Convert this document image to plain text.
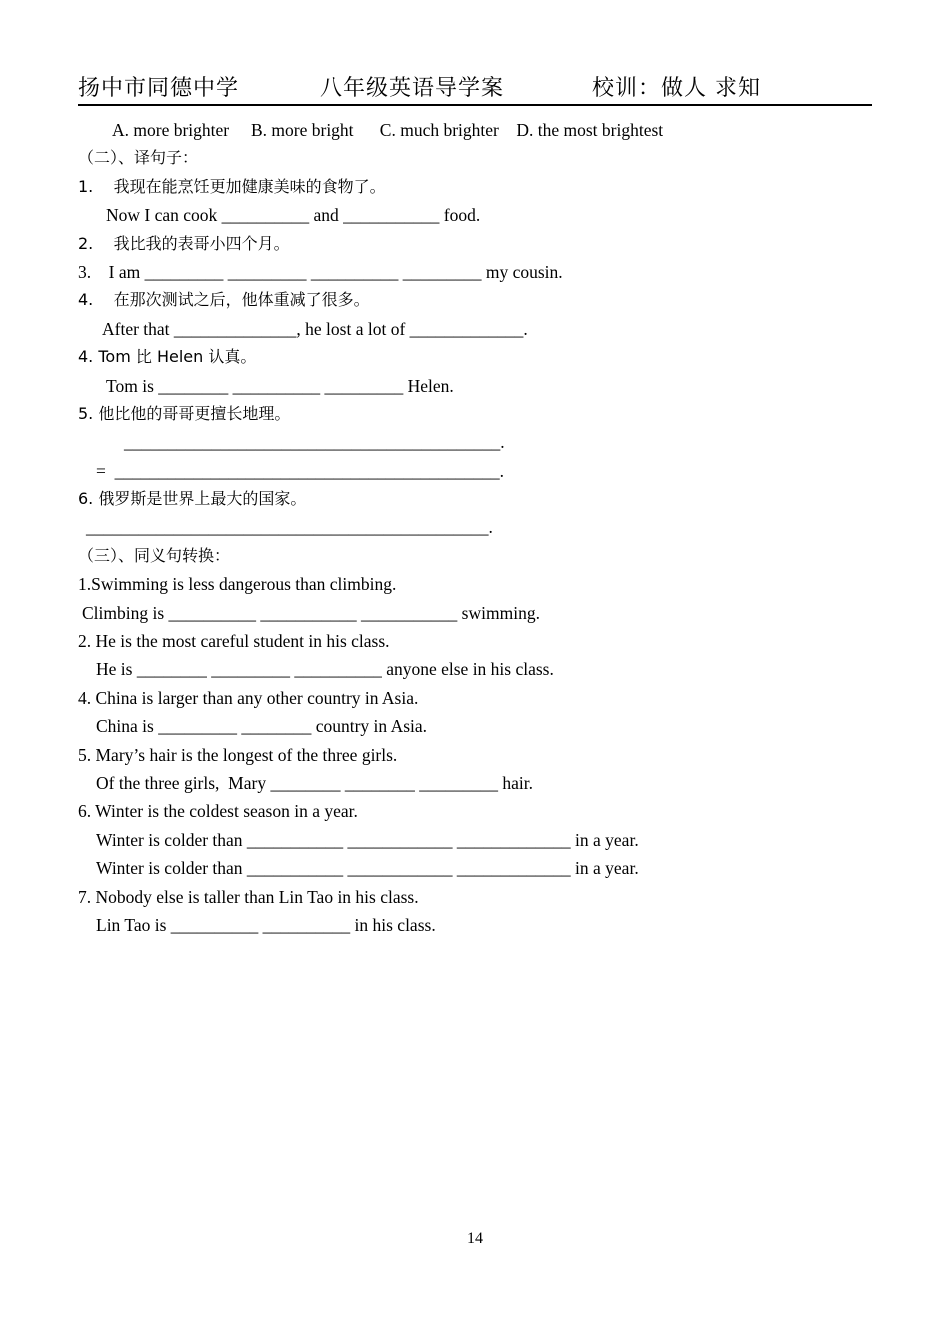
扬中市同德中学	八年级英语导学案	校训：做人 求知
A. more brighter     B. more bright      C. much brighter    D. the most brightest
（二）、译句子：
1.    我现在能烹饪更加健康美味的食物了。
Now I can cook __________ and ___________ food.
2.    我比我的表哥小四个月。
3.    I am _________ _________ __________ _________ my cousin.
4.    在那次测试之后，他体重减了很多。
After that ______________, he lost a lot of _____________.
4. Tom 比 Helen 认真。
Tom is ________ __________ _________ Helen.
5. 他比他的哥哥更擅长地理。
___________________________________________.
=  ____________________________________________.
6. 俄罗斯是世界上最大的国家。
______________________________________________.
（三）、同义句转换：
1.Swimming is less dangerous than climbing.
Climbing is __________ ___________ ___________ swimming.
2. He is the most careful student in his class.
He is ________ _________ __________ anyone else in his class.
4. China is larger than any other country in Asia.
China is _________ ________ country in Asia.
5. Mary’s hair is the longest of the three girls.
Of the three girls,  Mary ________ ________ _________ hair.
6. Winter is the coldest season in a year.
Winter is colder than ___________ ____________ _____________ in a year.
Winter is colder than ___________ ____________ _____________ in a year.
7. Nobody else is taller than Lin Tao in his class.
Lin Tao is __________ __________ in his class.
14
